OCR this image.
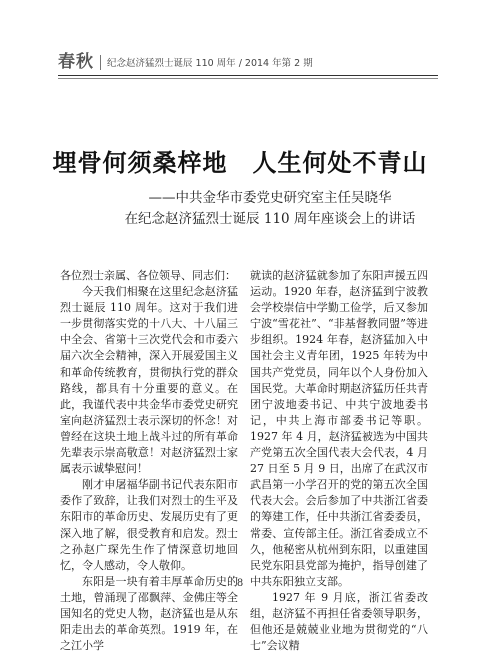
春秋 纪念赵济猛烈士诞辰 110 周年 / 2014 年第 2 期
埋骨何须桑梓地　人生何处不青山
——中共金华市委党史研究室主任吴晓华
在纪念赵济猛烈士诞辰 110 周年座谈会上的讲话

各位烈士亲属、各位领导、同志们：

今天我们相聚在这里纪念赵济猛烈士诞辰 110 周年。这对于我们进一步贯彻落实党的十八大、十八届三中全会、省第十三次党代会和市委六届六次全会精神，深入开展爱国主义和革命传统教育，贯彻执行党的群众路线，都具有十分重要的意义。在此，我谨代表中共金华市委党史研究室向赵济猛烈士表示深切的怀念！对曾经在这块土地上战斗过的所有革命先辈表示崇高敬意！对赵济猛烈士家属表示诚挚慰问！

刚才申屠福华副书记代表东阳市委作了致辞，让我们对烈士的生平及东阳市的革命历史、发展历史有了更深入地了解，很受教育和启发。烈士之孙赵广琛先生作了情深意切地回忆，令人感动，令人敬仰。

东阳是一块有着丰厚革命历史的土地，曾涌现了邵飘萍、金佛庄等全国知名的党史人物，赵济猛也是从东阳走出去的革命英烈。1919 年，在之江小学

就读的赵济猛就参加了东阳声援五四运动。1920 年春，赵济猛到宁波教会学校崇信中学勤工俭学，后又参加宁波“雪花社”、“非基督教同盟”等进步组织。1924 年春，赵济猛加入中国社会主义青年团，1925 年转为中国共产党党员，同年以个人身份加入国民党。大革命时期赵济猛历任共青团宁波地委书记、中共宁波地委书记，中共上海市部委书记等职。1927 年 4 月，赵济猛被选为中国共产党第五次全国代表大会代表，4 月 27 日至 5 月 9 日，出席了在武汉市武昌第一小学召开的党的第五次全国代表大会。会后参加了中共浙江省委的筹建工作，任中共浙江省委委员，常委、宣传部主任。浙江省委成立不久，他秘密从杭州到东阳，以重建国民党东阳县党部为掩护，指导创建了中共东阳独立支部。

1927 年 9 月底，浙江省委改组，赵济猛不再担任省委领导职务，但他还是兢兢业业地为贯彻党的“八七”会议精

8
